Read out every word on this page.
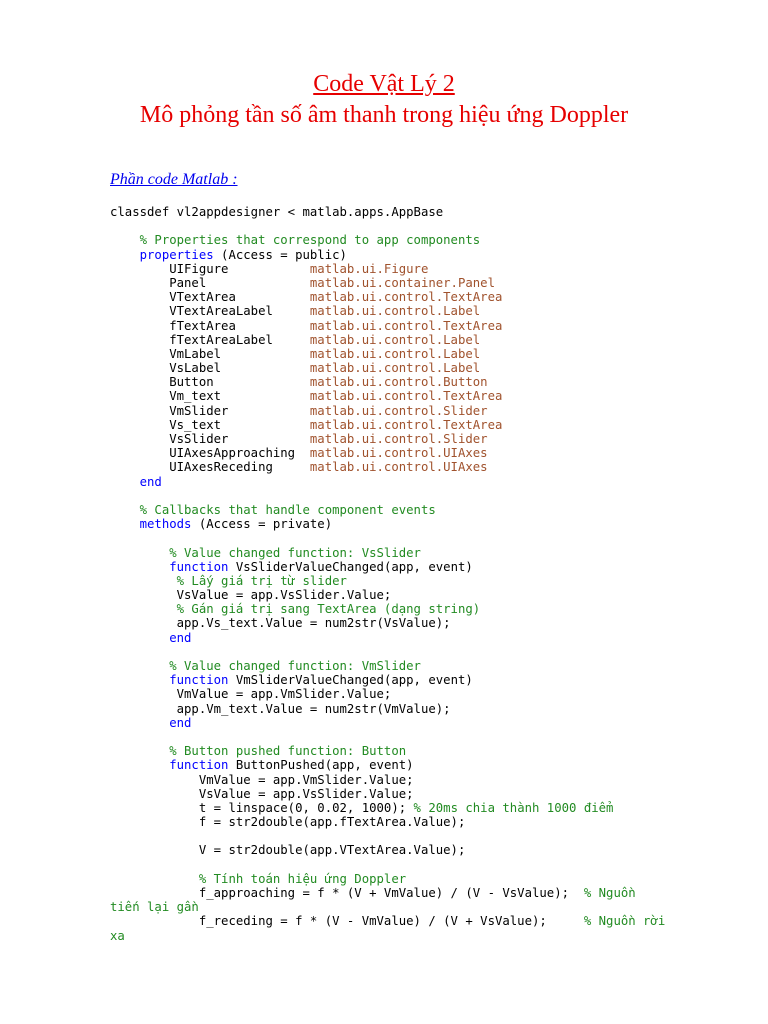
Code Vật Lý 2
Mô phỏng tần số âm thanh trong hiệu ứng Doppler
Phần code Matlab :
classdef vl2appdesigner < matlab.apps.AppBase

% Properties that correspond to app components
properties (Access = public)
UIFigure           matlab.ui.Figure
Panel              matlab.ui.container.Panel
VTextArea          matlab.ui.control.TextArea
VTextAreaLabel     matlab.ui.control.Label
fTextArea          matlab.ui.control.TextArea
fTextAreaLabel     matlab.ui.control.Label
VmLabel            matlab.ui.control.Label
VsLabel            matlab.ui.control.Label
Button             matlab.ui.control.Button
Vm_text            matlab.ui.control.TextArea
VmSlider           matlab.ui.control.Slider
Vs_text            matlab.ui.control.TextArea
VsSlider           matlab.ui.control.Slider
UIAxesApproaching  matlab.ui.control.UIAxes
UIAxesReceding     matlab.ui.control.UIAxes
end

% Callbacks that handle component events
methods (Access = private)

% Value changed function: VsSlider
function VsSliderValueChanged(app, event)
% Lấy giá trị từ slider
VsValue = app.VsSlider.Value;
% Gán giá trị sang TextArea (dạng string)
app.Vs_text.Value = num2str(VsValue);
end

% Value changed function: VmSlider
function VmSliderValueChanged(app, event)
VmValue = app.VmSlider.Value;
app.Vm_text.Value = num2str(VmValue);
end

% Button pushed function: Button
function ButtonPushed(app, event)
VmValue = app.VmSlider.Value;
VsValue = app.VsSlider.Value;
t = linspace(0, 0.02, 1000); % 20ms chia thành 1000 điểm
f = str2double(app.fTextArea.Value);

V = str2double(app.VTextArea.Value);

% Tính toán hiệu ứng Doppler
f_approaching = f * (V + VmValue) / (V - VsValue);  % Nguồn
tiến lại gần
f_receding = f * (V - VmValue) / (V + VsValue);     % Nguồn rời
xa
